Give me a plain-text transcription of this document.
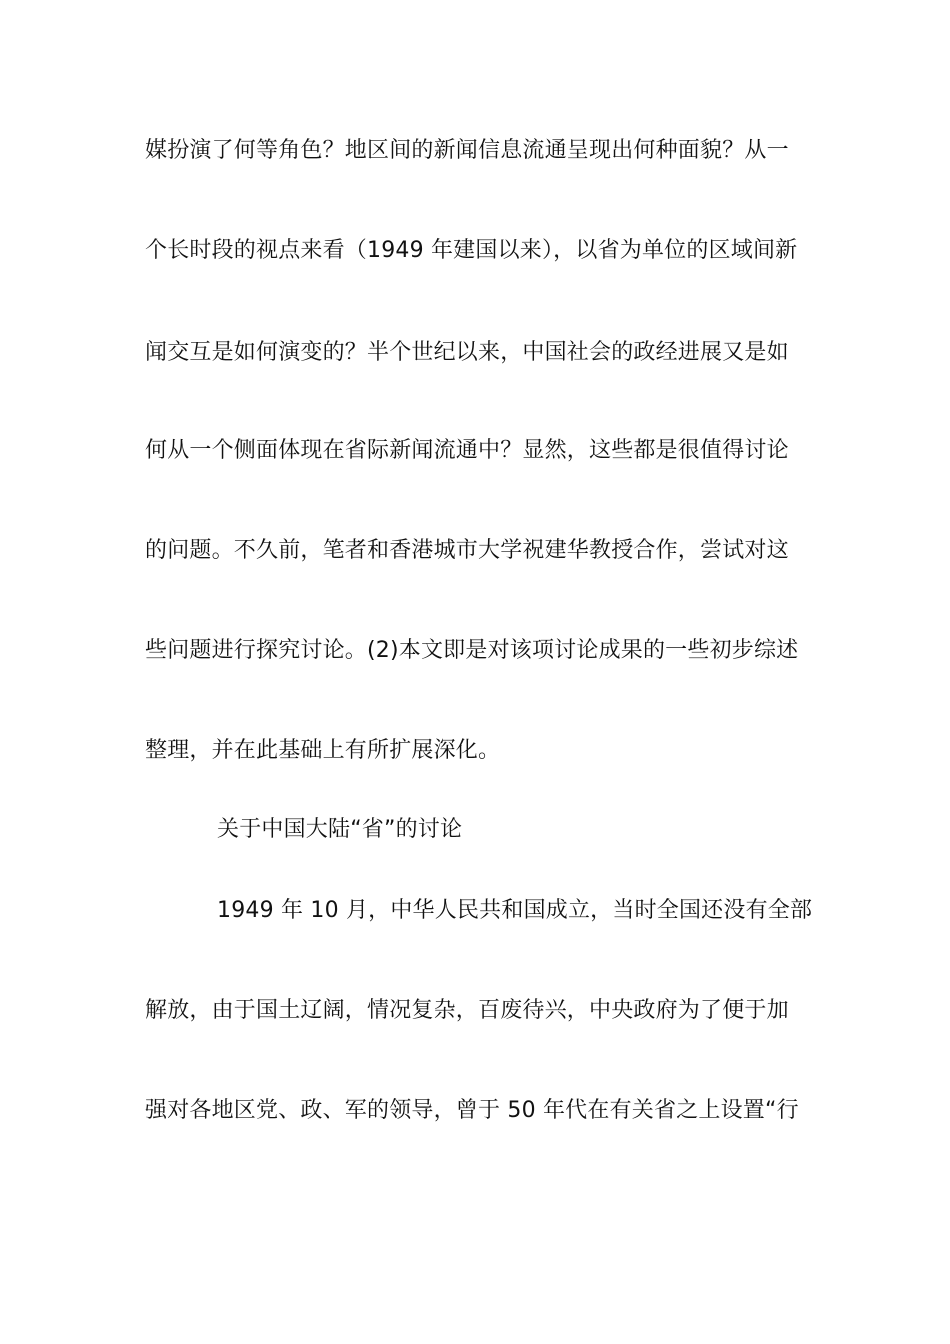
媒扮演了何等角色？地区间的新闻信息流通呈现出何种面貌？从一
个长时段的视点来看（1949 年建国以来），以省为单位的区域间新
闻交互是如何演变的？半个世纪以来，中国社会的政经进展又是如
何从一个侧面体现在省际新闻流通中？显然，这些都是很值得讨论
的问题。不久前，笔者和香港城市大学祝建华教授合作，尝试对这
些问题进行探究讨论。(2)本文即是对该项讨论成果的一些初步综述
整理，并在此基础上有所扩展深化。
关于中国大陆“省”的讨论
1949 年 10 月，中华人民共和国成立，当时全国还没有全部
解放，由于国土辽阔，情况复杂，百废待兴，中央政府为了便于加
强对各地区党、政、军的领导，曾于 50 年代在有关省之上设置“行
